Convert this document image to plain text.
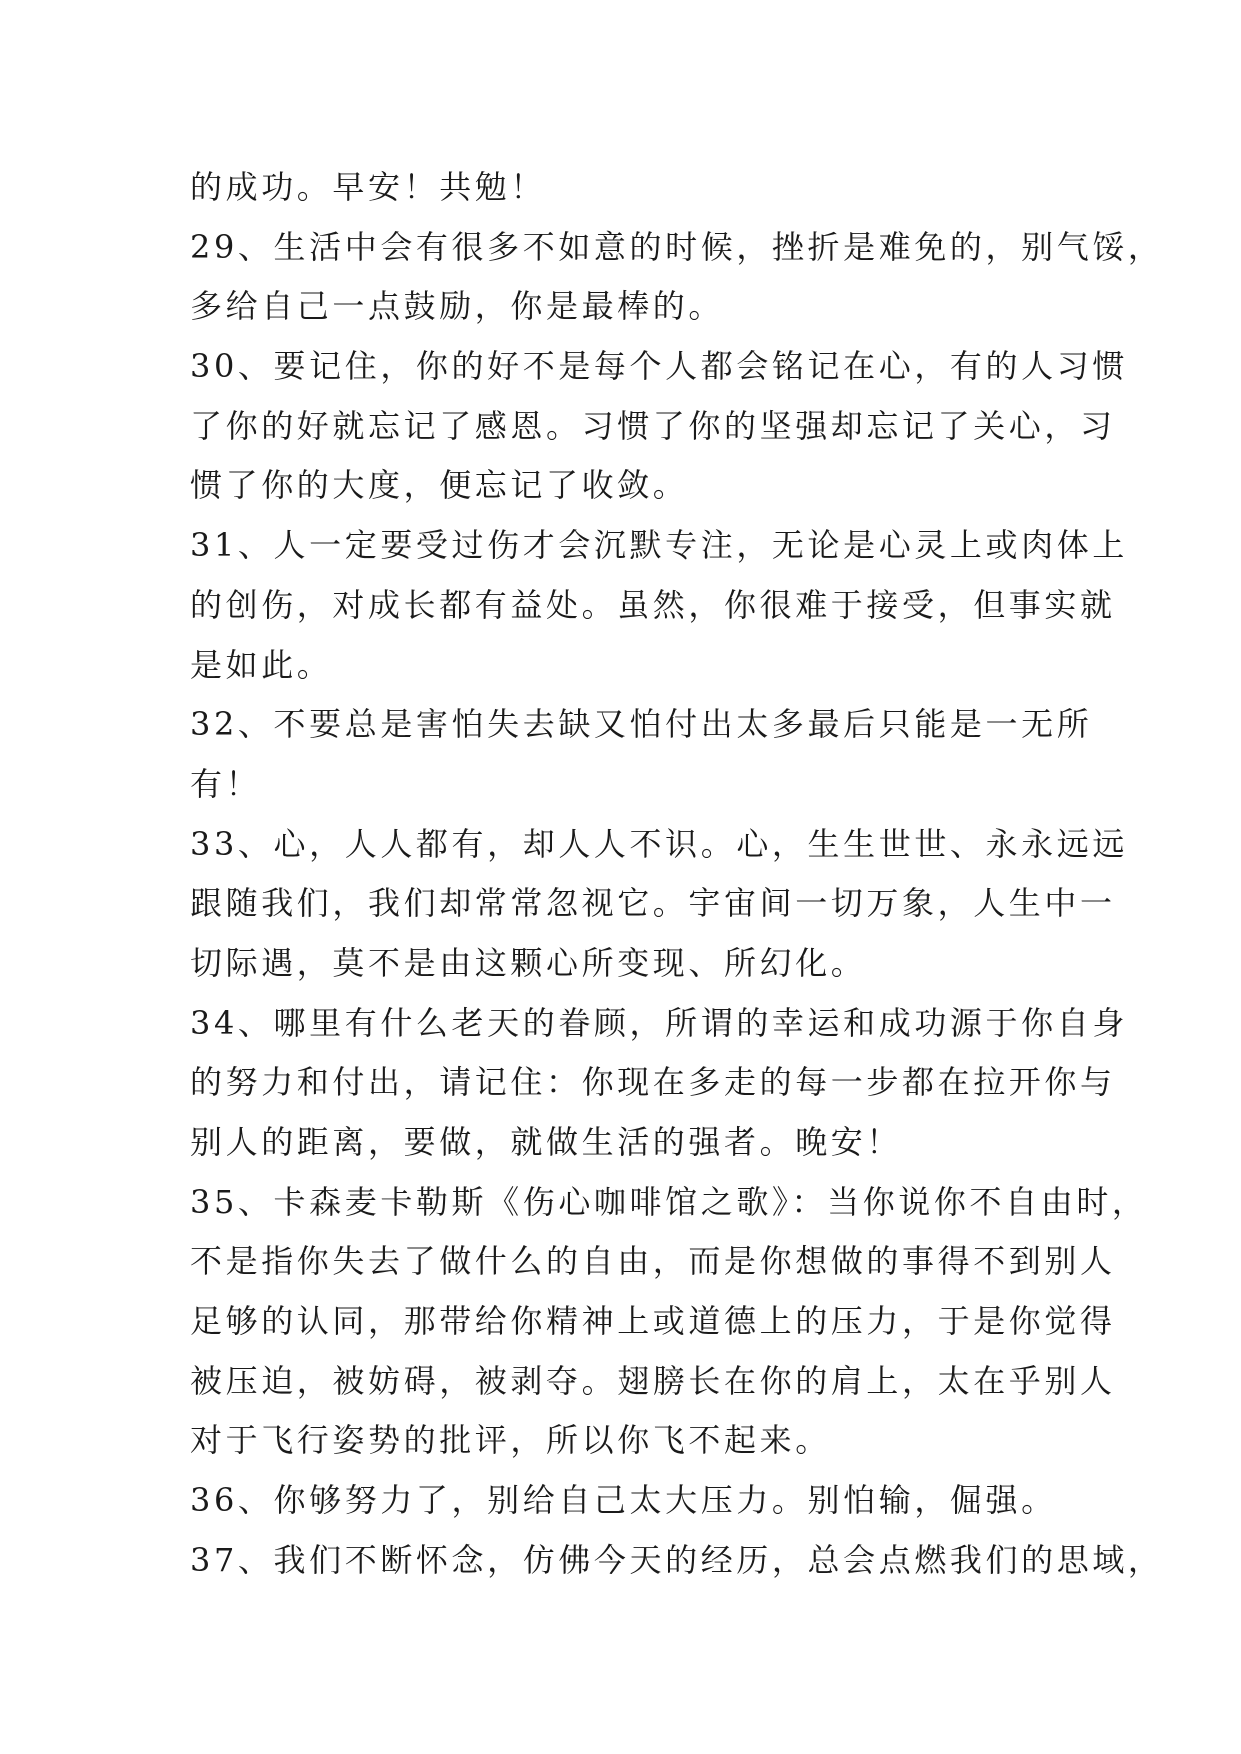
的成功。早安！共勉！
29、生活中会有很多不如意的时候，挫折是难免的，别气馁，
多给自己一点鼓励，你是最棒的。
30、要记住，你的好不是每个人都会铭记在心，有的人习惯
了你的好就忘记了感恩。习惯了你的坚强却忘记了关心，习
惯了你的大度，便忘记了收敛。
31、人一定要受过伤才会沉默专注，无论是心灵上或肉体上
的创伤，对成长都有益处。虽然，你很难于接受，但事实就
是如此。
32、不要总是害怕失去缺又怕付出太多最后只能是一无所
有！
33、心，人人都有，却人人不识。心，生生世世、永永远远
跟随我们，我们却常常忽视它。宇宙间一切万象，人生中一
切际遇，莫不是由这颗心所变现、所幻化。
34、哪里有什么老天的眷顾，所谓的幸运和成功源于你自身
的努力和付出，请记住：你现在多走的每一步都在拉开你与
别人的距离，要做，就做生活的强者。晚安！
35、卡森麦卡勒斯《伤心咖啡馆之歌》：当你说你不自由时，
不是指你失去了做什么的自由，而是你想做的事得不到别人
足够的认同，那带给你精神上或道德上的压力，于是你觉得
被压迫，被妨碍，被剥夺。翅膀长在你的肩上，太在乎别人
对于飞行姿势的批评，所以你飞不起来。
36、你够努力了，别给自己太大压力。别怕输，倔强。
37、我们不断怀念，仿佛今天的经历，总会点燃我们的思域，
